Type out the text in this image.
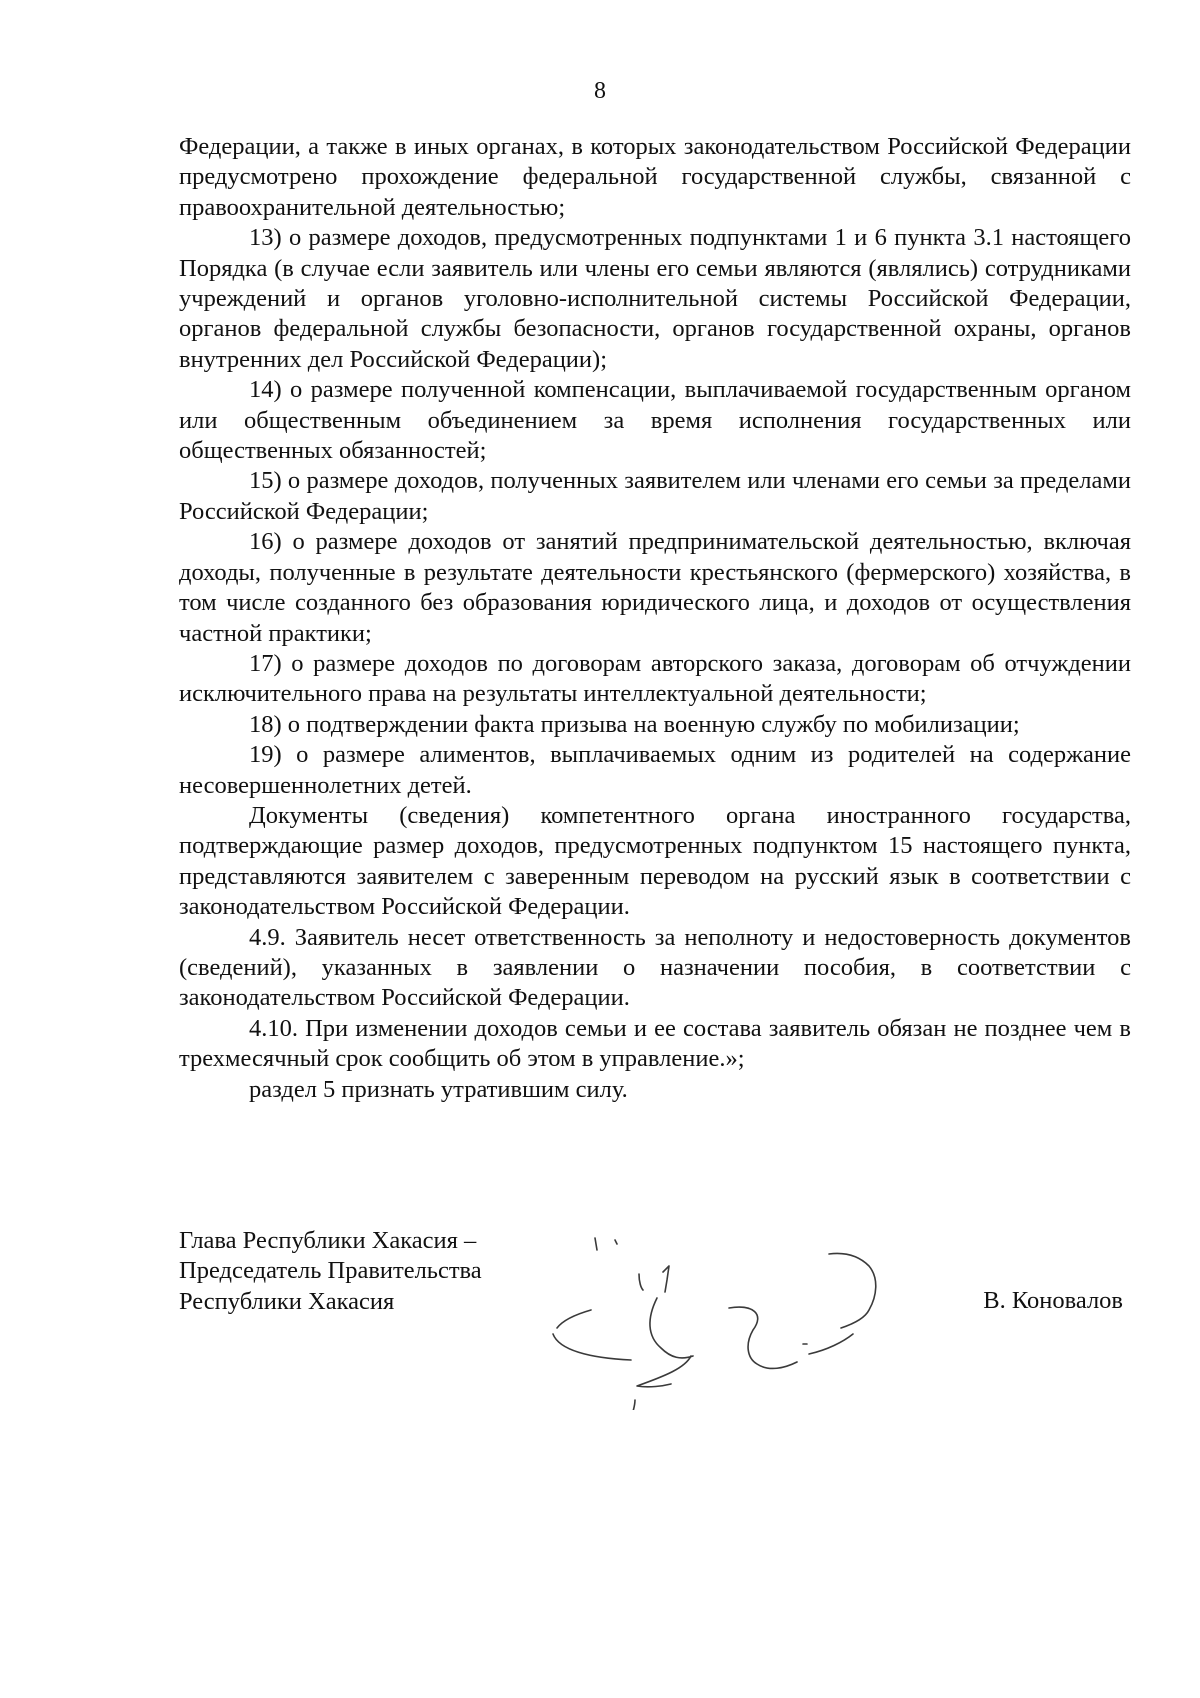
8

Федерации, а также в иных органах, в которых законодательством Российской Федерации предусмотрено прохождение федеральной государственной службы, связанной с правоохранительной деятельностью;

13) о размере доходов, предусмотренных подпунктами 1 и 6 пункта 3.1 настоящего Порядка (в случае если заявитель или члены его семьи являются (являлись) сотрудниками учреждений и органов уголовно-исполнительной системы Российской Федерации, органов федеральной службы безопасности, органов государственной охраны, органов внутренних дел Российской Федерации);

14) о размере полученной компенсации, выплачиваемой государственным органом или общественным объединением за время исполнения государственных или общественных обязанностей;

15) о размере доходов, полученных заявителем или членами его семьи за пределами Российской Федерации;

16) о размере доходов от занятий предпринимательской деятельностью, включая доходы, полученные в результате деятельности крестьянского (фермерского) хозяйства, в том числе созданного без образования юридического лица, и доходов от осуществления частной практики;

17) о размере доходов по договорам авторского заказа, договорам об отчуждении исключительного права на результаты интеллектуальной деятельности;

18) о подтверждении факта призыва на военную службу по мобилизации;

19) о размере алиментов, выплачиваемых одним из родителей на содержание несовершеннолетних детей.

Документы (сведения) компетентного органа иностранного государства, подтверждающие размер доходов, предусмотренных подпунктом 15 настоящего пункта, представляются заявителем с заверенным переводом на русский язык в соответствии с законодательством Российской Федерации.

4.9. Заявитель несет ответственность за неполноту и недостоверность документов (сведений), указанных в заявлении о назначении пособия, в соответствии с законодательством Российской Федерации.

4.10. При изменении доходов семьи и ее состава заявитель обязан не позднее чем в трехмесячный срок сообщить об этом в управление.»;

раздел 5 признать утратившим силу.

Глава Республики Хакасия –
Председатель Правительства
Республики Хакасия	В. Коновалов
